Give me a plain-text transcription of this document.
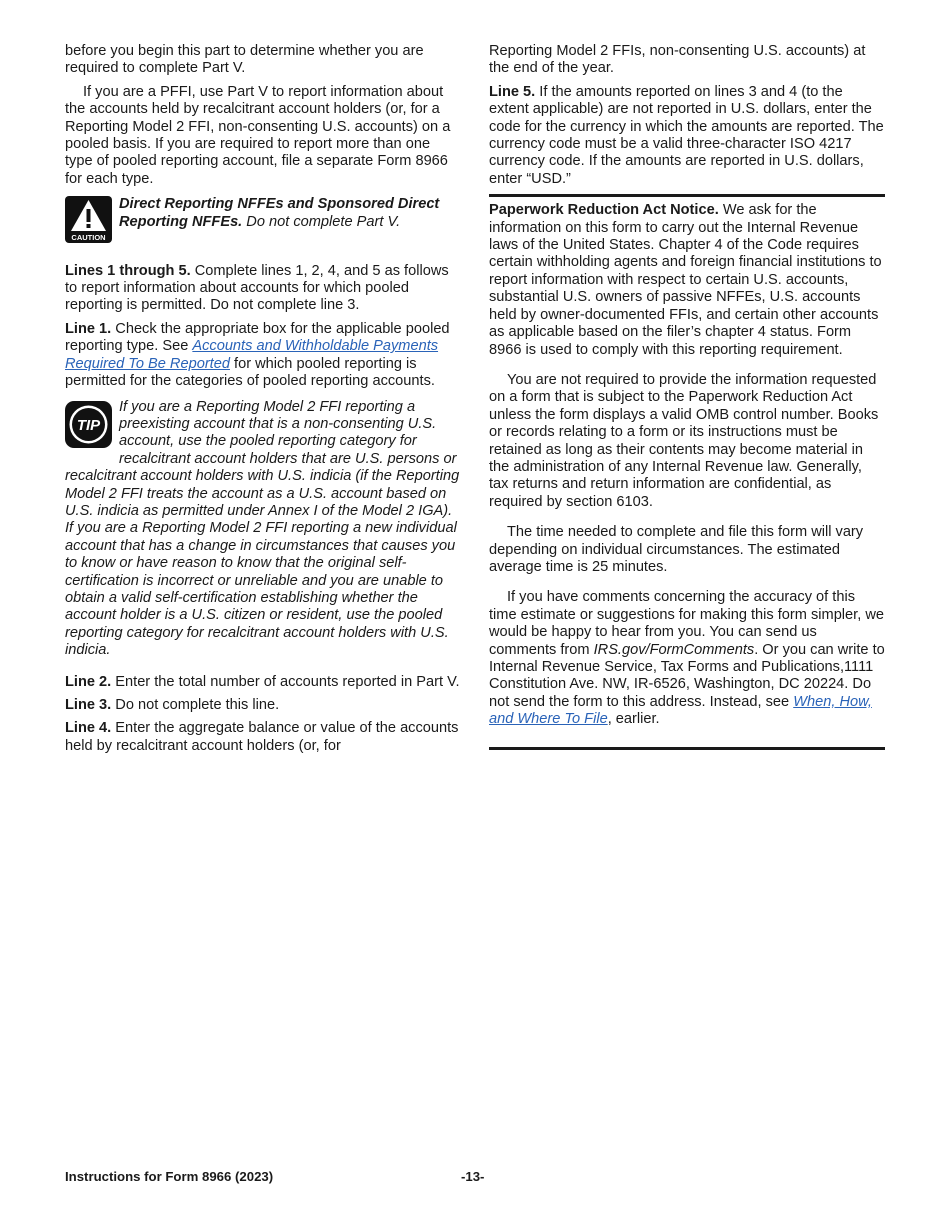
before you begin this part to determine whether you are required to complete Part V.

If you are a PFFI, use Part V to report information about the accounts held by recalcitrant account holders (or, for a Reporting Model 2 FFI, non-consenting U.S. accounts) on a pooled basis. If you are required to report more than one type of pooled reporting account, file a separate Form 8966 for each type.

CAUTION
Direct Reporting NFFEs and Sponsored Direct Reporting NFFEs. Do not complete Part V.

Lines 1 through 5. Complete lines 1, 2, 4, and 5 as follows to report information about accounts for which pooled reporting is permitted. Do not complete line 3.

Line 1. Check the appropriate box for the applicable pooled reporting type. See Accounts and Withholdable Payments Required To Be Reported for which pooled reporting is permitted for the categories of pooled reporting accounts.

TIP
If you are a Reporting Model 2 FFI reporting a preexisting account that is a non-consenting U.S. account, use the pooled reporting category for recalcitrant account holders that are U.S. persons or recalcitrant account holders with U.S. indicia (if the Reporting Model 2 FFI treats the account as a U.S. account based on U.S. indicia as permitted under Annex I of the Model 2 IGA). If you are a Reporting Model 2 FFI reporting a new individual account that has a change in circumstances that causes you to know or have reason to know that the original self-certification is incorrect or unreliable and you are unable to obtain a valid self-certification establishing whether the account holder is a U.S. citizen or resident, use the pooled reporting category for recalcitrant account holders with U.S. indicia.

Line 2. Enter the total number of accounts reported in Part V.

Line 3. Do not complete this line.

Line 4. Enter the aggregate balance or value of the accounts held by recalcitrant account holders (or, for

Reporting Model 2 FFIs, non-consenting U.S. accounts) at the end of the year.

Line 5. If the amounts reported on lines 3 and 4 (to the extent applicable) are not reported in U.S. dollars, enter the code for the currency in which the amounts are reported. The currency code must be a valid three-character ISO 4217 currency code. If the amounts are reported in U.S. dollars, enter “USD.”

Paperwork Reduction Act Notice. We ask for the information on this form to carry out the Internal Revenue laws of the United States. Chapter 4 of the Code requires certain withholding agents and foreign financial institutions to report information with respect to certain U.S. accounts, substantial U.S. owners of passive NFFEs, U.S. accounts held by owner-documented FFIs, and certain other accounts as applicable based on the filer’s chapter 4 status. Form 8966 is used to comply with this reporting requirement.

You are not required to provide the information requested on a form that is subject to the Paperwork Reduction Act unless the form displays a valid OMB control number. Books or records relating to a form or its instructions must be retained as long as their contents may become material in the administration of any Internal Revenue law. Generally, tax returns and return information are confidential, as required by section 6103.

The time needed to complete and file this form will vary depending on individual circumstances. The estimated average time is 25 minutes.

If you have comments concerning the accuracy of this time estimate or suggestions for making this form simpler, we would be happy to hear from you. You can send us comments from IRS.gov/FormComments. Or you can write to Internal Revenue Service, Tax Forms and Publications,1111 Constitution Ave. NW, IR-6526, Washington, DC 20224. Do not send the form to this address. Instead, see When, How, and Where To File, earlier.

Instructions for Form 8966 (2023)	-13-
